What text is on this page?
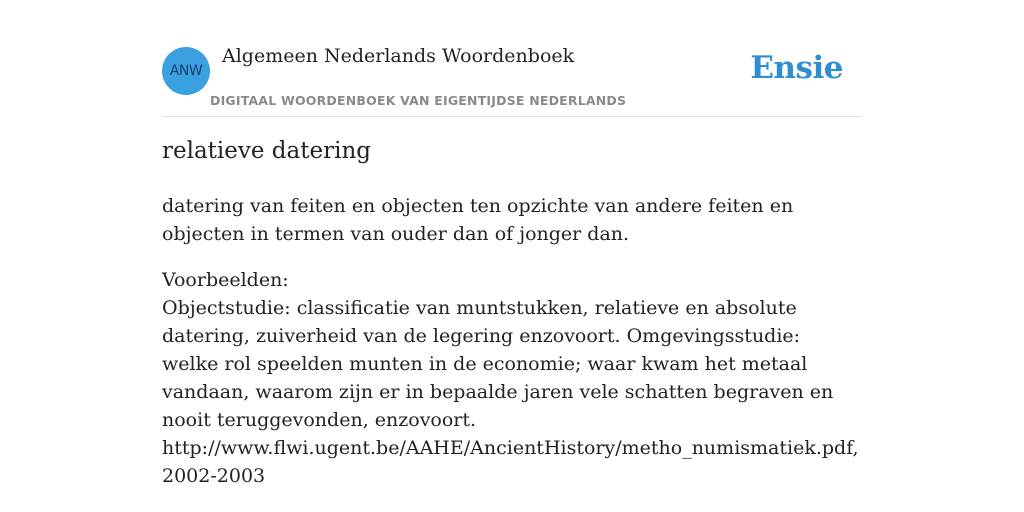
ANW
Algemeen Nederlands Woordenboek
DIGITAAL WOORDENBOEK VAN EIGENTIJDSE NEDERLANDS
Ensie
relatieve datering
datering van feiten en objecten ten opzichte van andere feiten en objecten in termen van ouder dan of jonger dan.
Voorbeelden:
Objectstudie: classificatie van muntstukken, relatieve en absolute datering, zuiverheid van de legering enzovoort. Omgevingsstudie: welke rol speelden munten in de economie; waar kwam het metaal vandaan, waarom zijn er in bepaalde jaren vele schatten begraven en nooit teruggevonden, enzovoort. http://www.flwi.ugent.be/AAHE/AncientHistory/metho_numismatiek.pdf, 2002-2003
